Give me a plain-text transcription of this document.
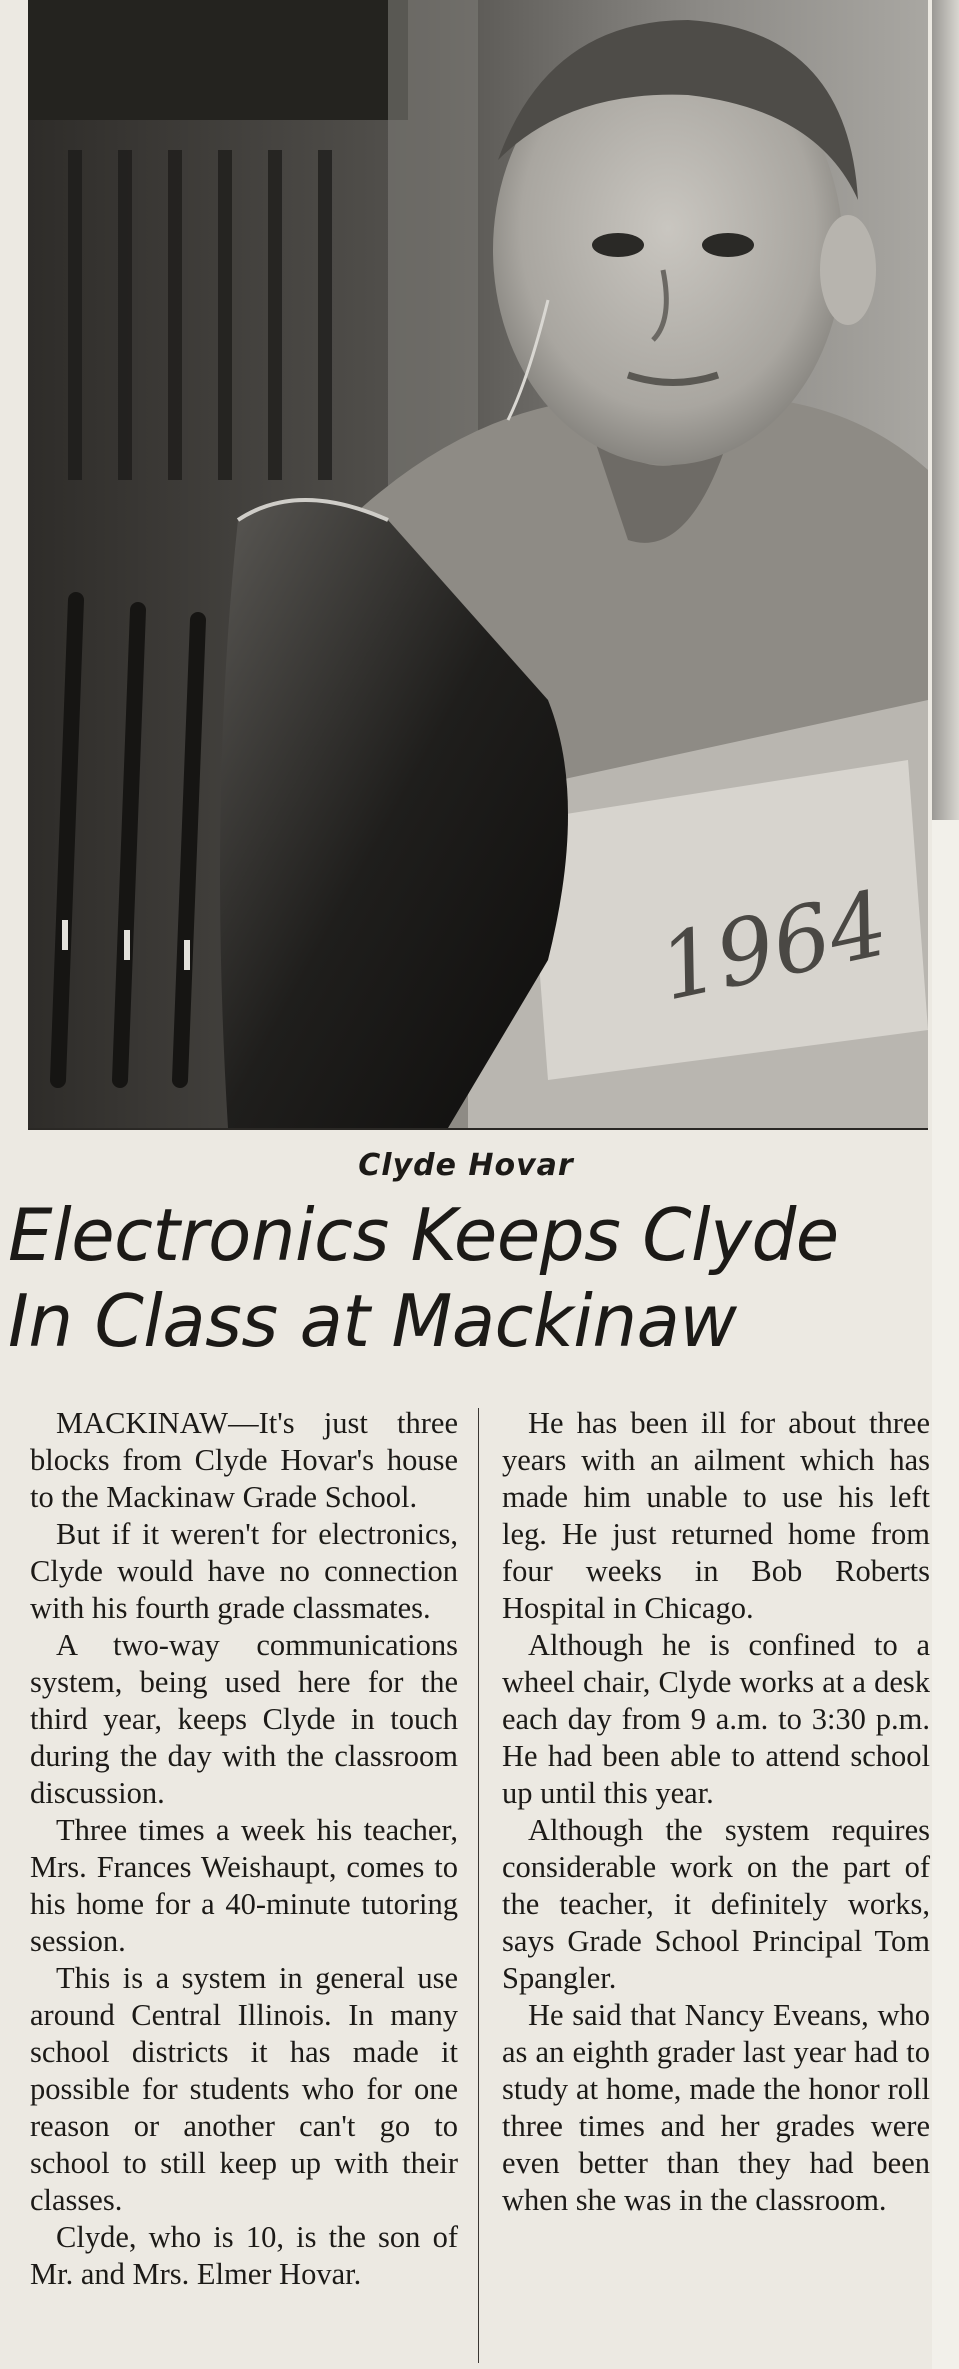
1964
Clyde Hovar
Electronics Keeps Clyde
In Class at Mackinaw

MACKINAW—It's just three blocks from Clyde Hovar's house to the Mackinaw Grade School.

But if it weren't for electronics, Clyde would have no connection with his fourth grade classmates.

A two-way communications system, being used here for the third year, keeps Clyde in touch during the day with the classroom discussion.

Three times a week his teacher, Mrs. Frances Weishaupt, comes to his home for a 40-minute tutoring session.

This is a system in general use around Central Illinois. In many school districts it has made it possible for students who for one reason or another can't go to school to still keep up with their classes.

Clyde, who is 10, is the son of Mr. and Mrs. Elmer Hovar.

He has been ill for about three years with an ailment which has made him unable to use his left leg. He just returned home from four weeks in Bob Roberts Hospital in Chicago.

Although he is confined to a wheel chair, Clyde works at a desk each day from 9 a.m. to 3:30 p.m. He had been able to attend school up until this year.

Although the system requires considerable work on the part of the teacher, it definitely works, says Grade School Principal Tom Spangler.

He said that Nancy Eveans, who as an eighth grader last year had to study at home, made the honor roll three times and her grades were even better than they had been when she was in the classroom.
